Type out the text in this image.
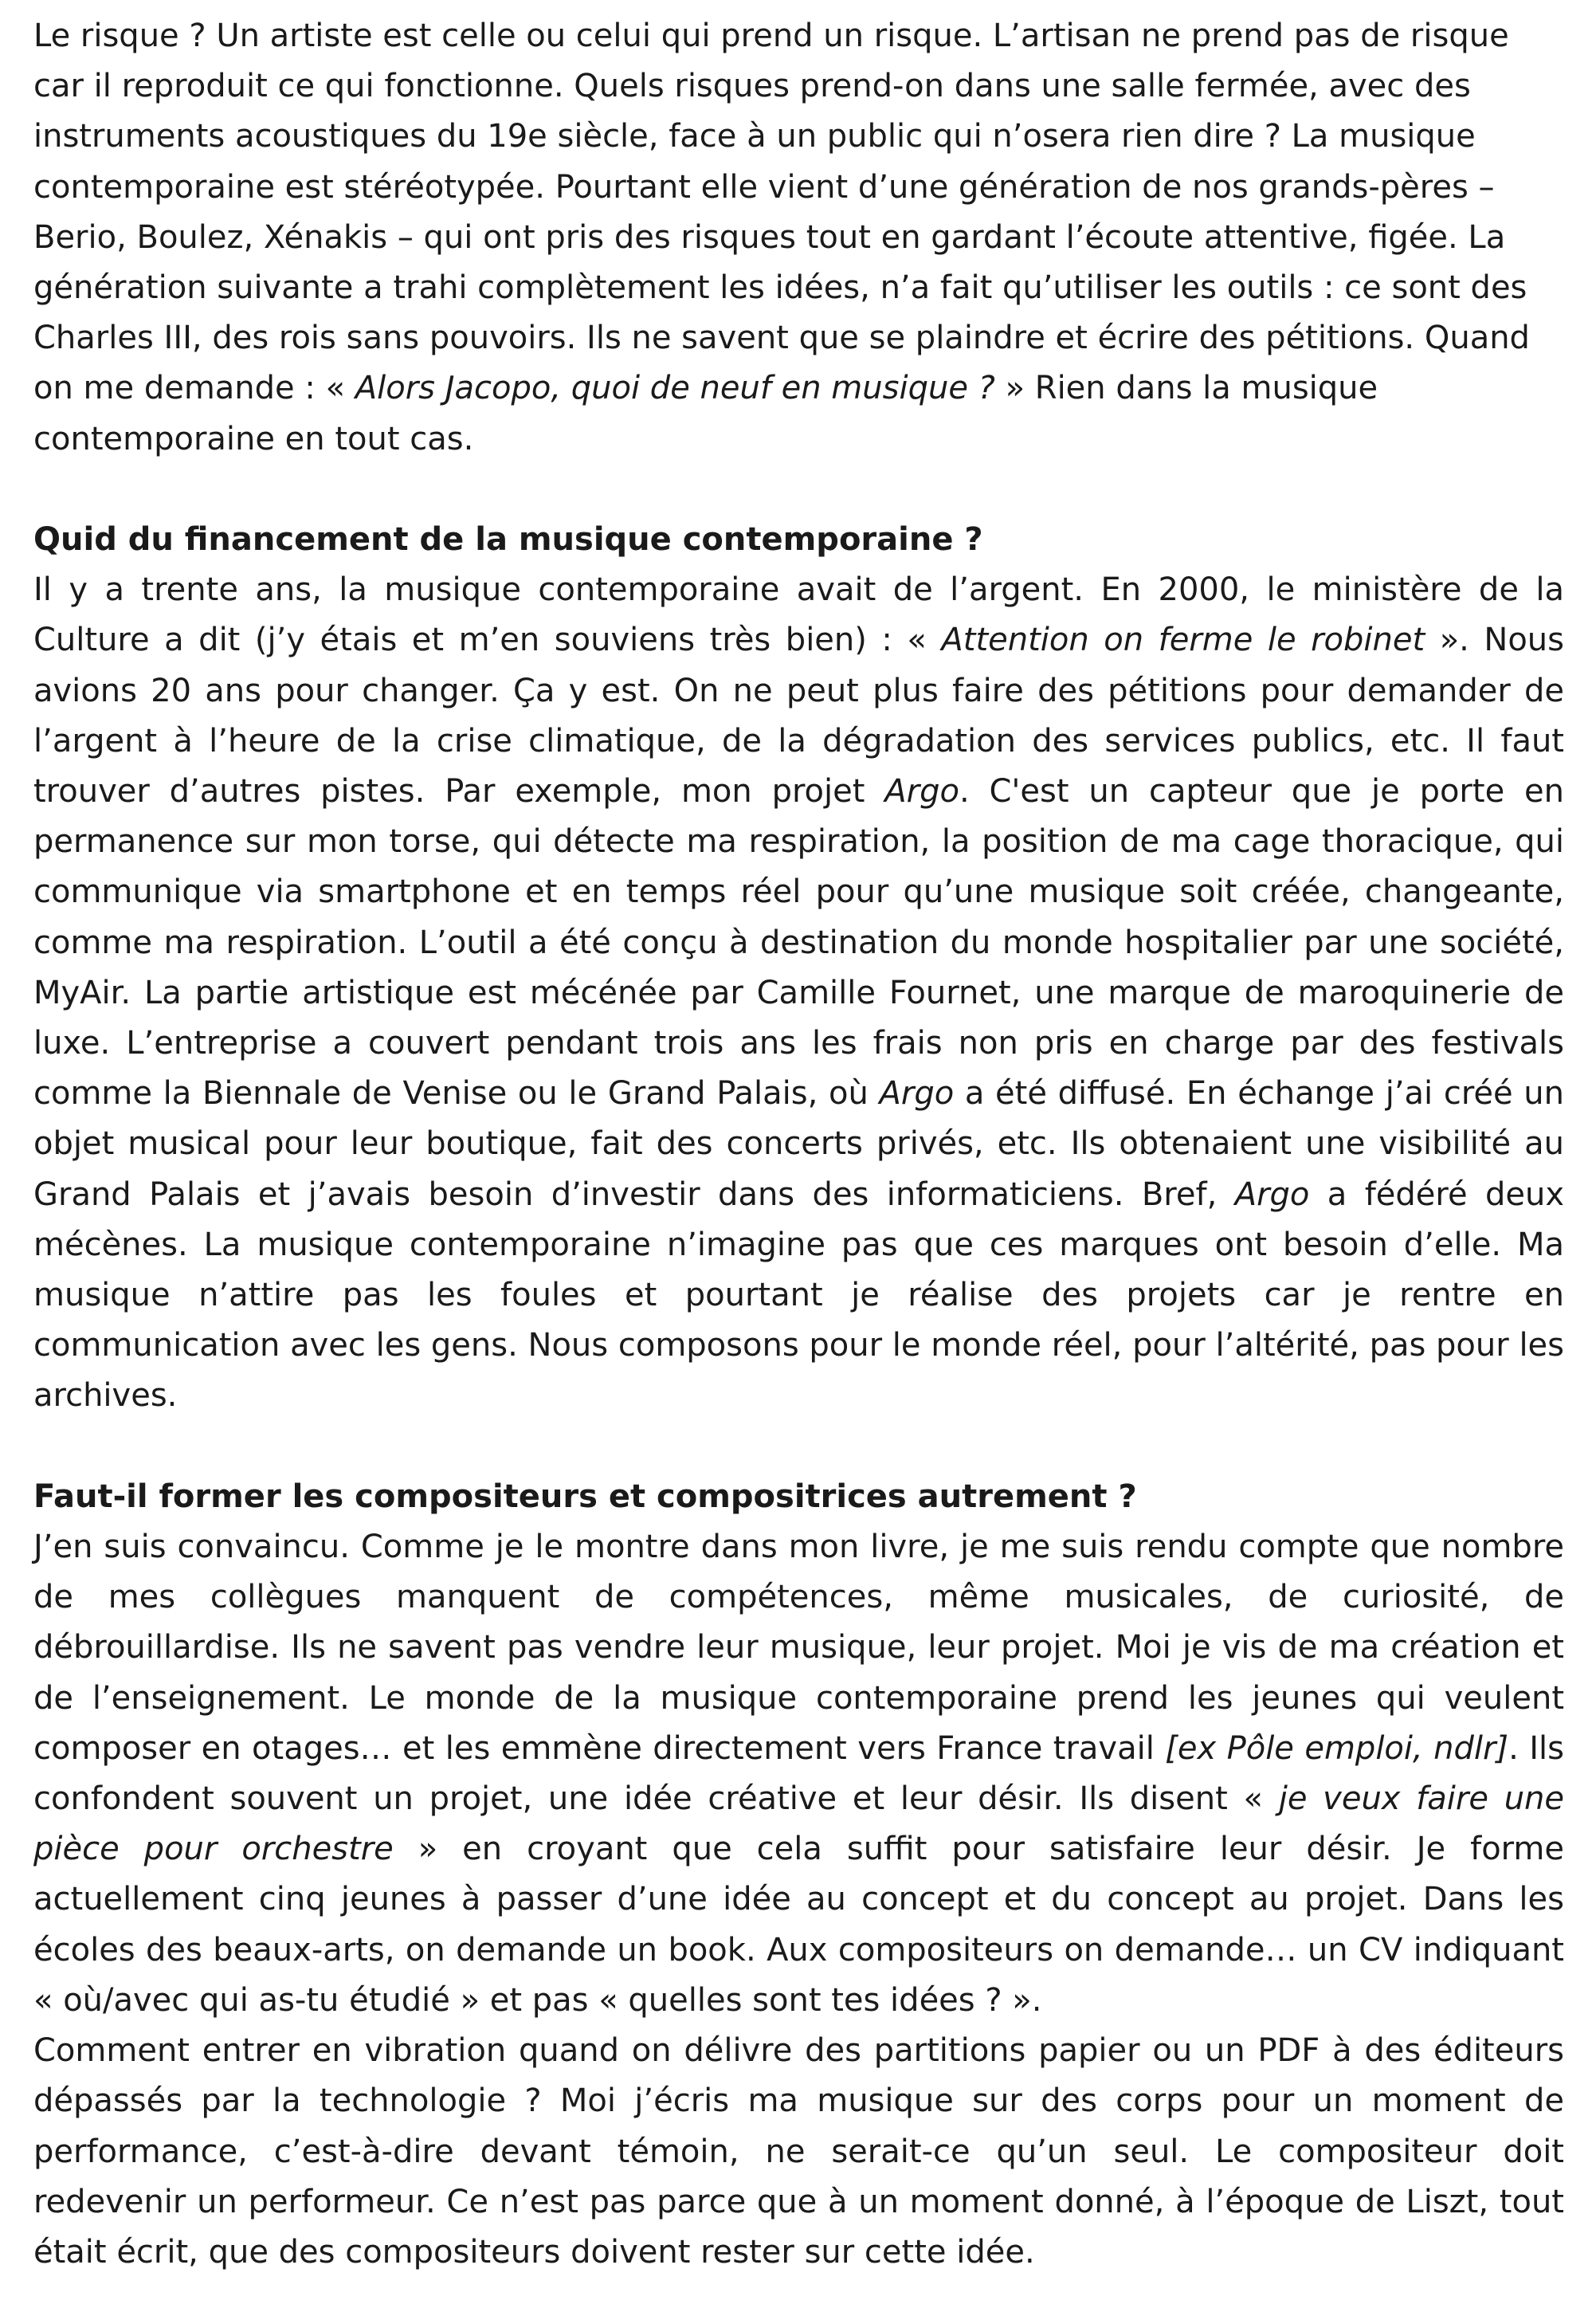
Le risque ? Un artiste est celle ou celui qui prend un risque. L’artisan ne prend pas de risque car il reproduit ce qui fonctionne. Quels risques prend-on dans une salle fermée, avec des instruments acoustiques du 19e siècle, face à un public qui n’osera rien dire ? La musique contemporaine est stéréotypée. Pourtant elle vient d’une génération de nos grands-pères – Berio, Boulez, Xénakis – qui ont pris des risques tout en gardant l’écoute attentive, figée. La génération suivante a trahi complètement les idées, n’a fait qu’utiliser les outils : ce sont des Charles III, des rois sans pouvoirs. Ils ne savent que se plaindre et écrire des pétitions. Quand on me demande : « Alors Jacopo, quoi de neuf en musique ? » Rien dans la musique contemporaine en tout cas.

Quid du financement de la musique contemporaine ?

Il y a trente ans, la musique contemporaine avait de l’argent. En 2000, le ministère de la Culture a dit (j’y étais et m’en souviens très bien) : « Attention on ferme le robinet ». Nous avions 20 ans pour changer. Ça y est. On ne peut plus faire des pétitions pour demander de l’argent à l’heure de la crise climatique, de la dégradation des services publics, etc. Il faut trouver d’autres pistes. Par exemple, mon projet Argo. C'est un capteur que je porte en permanence sur mon torse, qui détecte ma respiration, la position de ma cage thoracique, qui communique via smartphone et en temps réel pour qu’une musique soit créée, changeante, comme ma respiration. L’outil a été conçu à destination du monde hospitalier par une société, MyAir. La partie artistique est mécénée par Camille Fournet, une marque de maroquinerie de luxe. L’entreprise a couvert pendant trois ans les frais non pris en charge par des festivals comme la Biennale de Venise ou le Grand Palais, où Argo a été diffusé. En échange j’ai créé un objet musical pour leur boutique, fait des concerts privés, etc. Ils obtenaient une visibilité au Grand Palais et j’avais besoin d’investir dans des informaticiens. Bref, Argo a fédéré deux mécènes. La musique contemporaine n’imagine pas que ces marques ont besoin d’elle. Ma musique n’attire pas les foules et pourtant je réalise des projets car je rentre en communication avec les gens. Nous composons pour le monde réel, pour l’altérité, pas pour les archives.

Faut-il former les compositeurs et compositrices autrement ?

J’en suis convaincu. Comme je le montre dans mon livre, je me suis rendu compte que nombre de mes collègues manquent de compétences, même musicales, de curiosité, de débrouillardise. Ils ne savent pas vendre leur musique, leur projet. Moi je vis de ma création et de l’enseignement. Le monde de la musique contemporaine prend les jeunes qui veulent composer en otages… et les emmène directement vers France travail [ex Pôle emploi, ndlr]. Ils confondent souvent un projet, une idée créative et leur désir. Ils disent « je veux faire une pièce pour orchestre » en croyant que cela suffit pour satisfaire leur désir. Je forme actuellement cinq jeunes à passer d’une idée au concept et du concept au projet. Dans les écoles des beaux-arts, on demande un book. Aux compositeurs on demande… un CV indiquant « où/avec qui as-tu étudié » et pas « quelles sont tes idées ? ».

Comment entrer en vibration quand on délivre des partitions papier ou un PDF à des éditeurs dépassés par la technologie ? Moi j’écris ma musique sur des corps pour un moment de performance, c’est-à-dire devant témoin, ne serait-ce qu’un seul. Le compositeur doit redevenir un performeur. Ce n’est pas parce que à un moment donné, à l’époque de Liszt, tout était écrit, que des compositeurs doivent rester sur cette idée.
